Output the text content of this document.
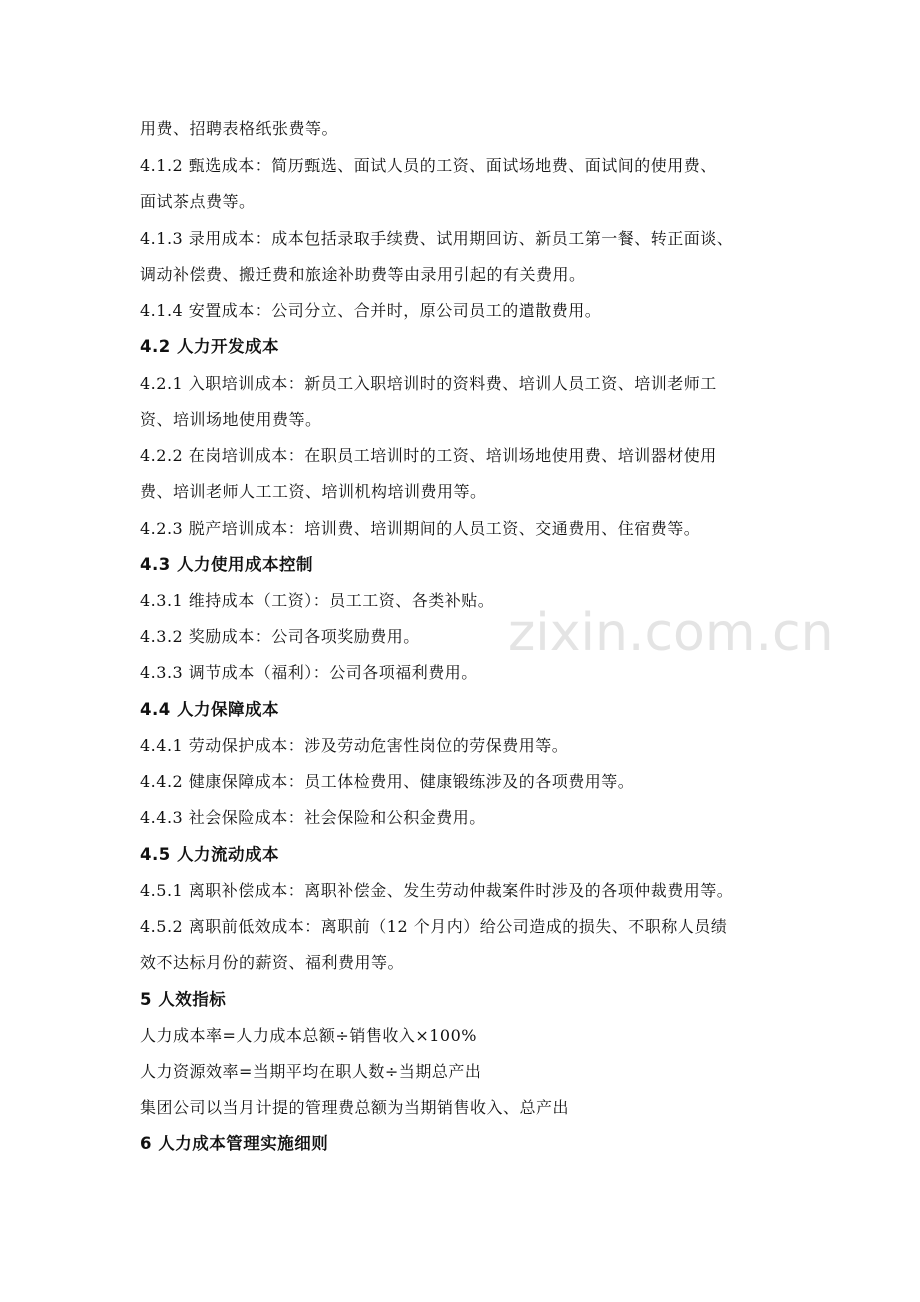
zixin.com.cn
用费、招聘表格纸张费等。
4.1.2 甄选成本：简历甄选、面试人员的工资、面试场地费、面试间的使用费、
面试茶点费等。
4.1.3 录用成本：成本包括录取手续费、试用期回访、新员工第一餐、转正面谈、
调动补偿费、搬迁费和旅途补助费等由录用引起的有关费用。
4.1.4 安置成本：公司分立、合并时，原公司员工的遣散费用。
4.2 人力开发成本
4.2.1 入职培训成本：新员工入职培训时的资料费、培训人员工资、培训老师工
资、培训场地使用费等。
4.2.2 在岗培训成本：在职员工培训时的工资、培训场地使用费、培训器材使用
费、培训老师人工工资、培训机构培训费用等。
4.2.3 脱产培训成本：培训费、培训期间的人员工资、交通费用、住宿费等。
4.3 人力使用成本控制
4.3.1 维持成本（工资）：员工工资、各类补贴。
4.3.2 奖励成本：公司各项奖励费用。
4.3.3 调节成本（福利）：公司各项福利费用。
4.4 人力保障成本
4.4.1 劳动保护成本：涉及劳动危害性岗位的劳保费用等。
4.4.2 健康保障成本：员工体检费用、健康锻练涉及的各项费用等。
4.4.3 社会保险成本：社会保险和公积金费用。
4.5 人力流动成本
4.5.1 离职补偿成本：离职补偿金、发生劳动仲裁案件时涉及的各项仲裁费用等。
4.5.2 离职前低效成本：离职前（12 个月内）给公司造成的损失、不职称人员绩
效不达标月份的薪资、福利费用等。
5 人效指标
人力成本率=人力成本总额÷销售收入×100%
人力资源效率=当期平均在职人数÷当期总产出
集团公司以当月计提的管理费总额为当期销售收入、总产出
6 人力成本管理实施细则
